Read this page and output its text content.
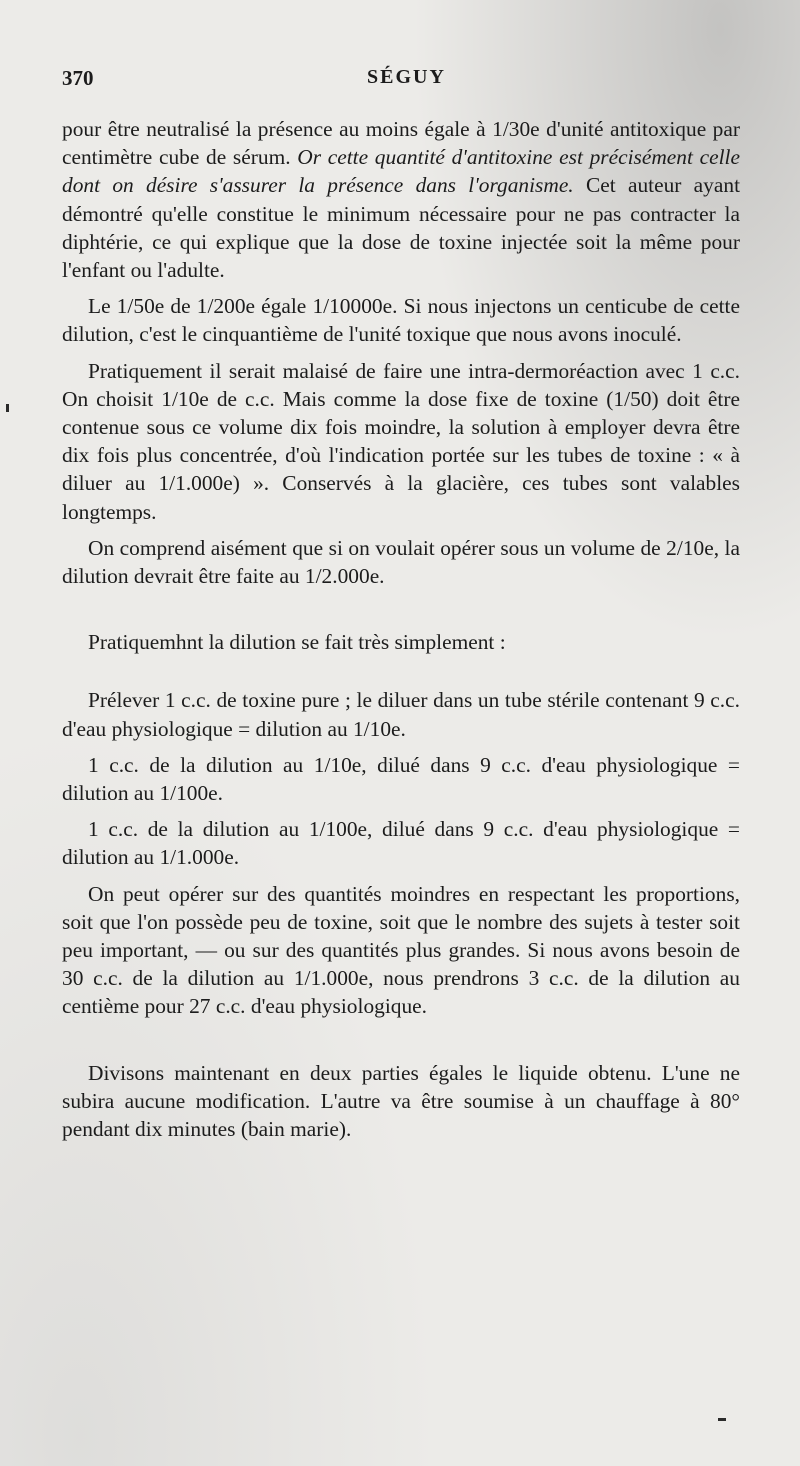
370	SÉGUY

pour être neutralisé la présence au moins égale à 1/30e d'unité antitoxique par centimètre cube de sérum. Or cette quantité d'antitoxine est précisément celle dont on désire s'assurer la présence dans l'organisme. Cet auteur ayant démontré qu'elle constitue le minimum nécessaire pour ne pas contracter la diphtérie, ce qui explique que la dose de toxine injectée soit la même pour l'enfant ou l'adulte.

Le 1/50e de 1/200e égale 1/10000e. Si nous injectons un centicube de cette dilution, c'est le cinquantième de l'unité toxique que nous avons inoculé.

Pratiquement il serait malaisé de faire une intra-dermoréaction avec 1 c.c. On choisit 1/10e de c.c. Mais comme la dose fixe de toxine (1/50) doit être contenue sous ce volume dix fois moindre, la solution à employer devra être dix fois plus concentrée, d'où l'indication portée sur les tubes de toxine : « à diluer au 1/1.000e) ». Conservés à la glacière, ces tubes sont valables longtemps.

On comprend aisément que si on voulait opérer sous un volume de 2/10e, la dilution devrait être faite au 1/2.000e.

Pratiquemhnt la dilution se fait très simplement :

Prélever 1 c.c. de toxine pure ; le diluer dans un tube stérile contenant 9 c.c. d'eau physiologique = dilution au 1/10e.

1 c.c. de la dilution au 1/10e, dilué dans 9 c.c. d'eau physiologique = dilution au 1/100e.

1 c.c. de la dilution au 1/100e, dilué dans 9 c.c. d'eau physiologique = dilution au 1/1.000e.

On peut opérer sur des quantités moindres en respectant les proportions, soit que l'on possède peu de toxine, soit que le nombre des sujets à tester soit peu important, — ou sur des quantités plus grandes. Si nous avons besoin de 30 c.c. de la dilution au 1/1.000e, nous prendrons 3 c.c. de la dilution au centième pour 27 c.c. d'eau physiologique.

Divisons maintenant en deux parties égales le liquide obtenu. L'une ne subira aucune modification. L'autre va être soumise à un chauffage à 80° pendant dix minutes (bain marie).
